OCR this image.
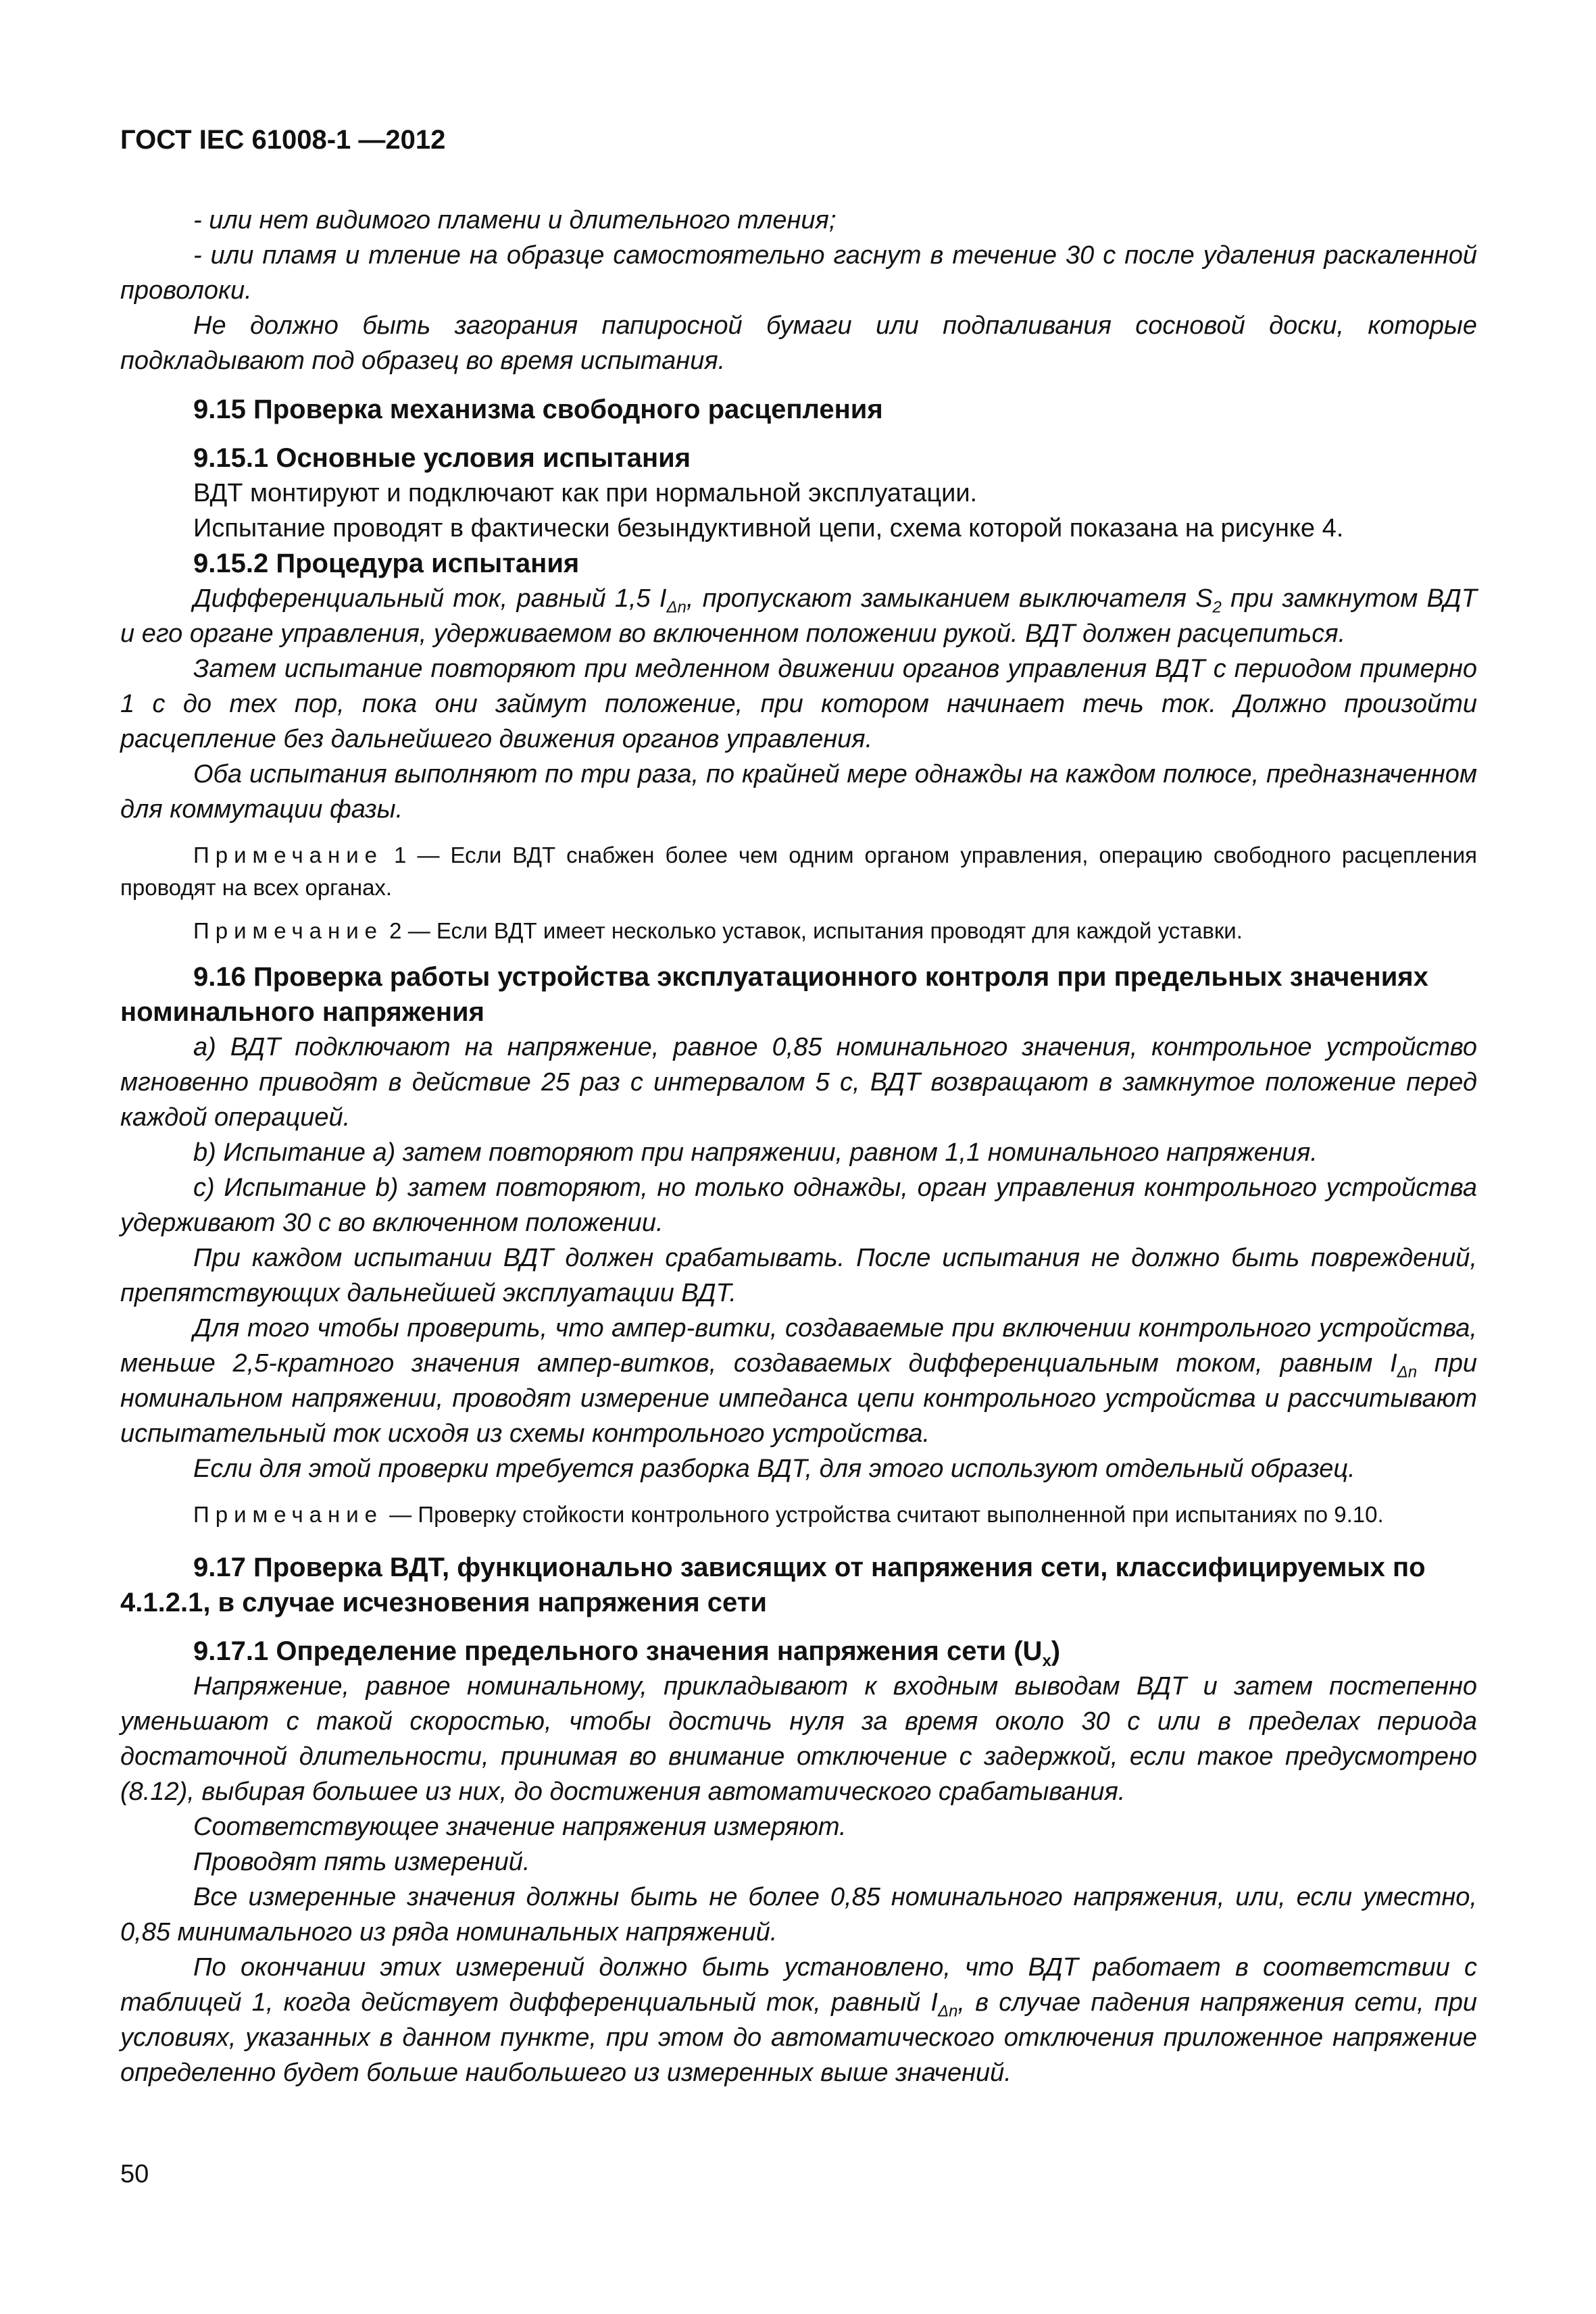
ГОСТ IEC 61008-1 —2012

- или нет видимого пламени и длительного тления;

- или пламя и тление на образце самостоятельно гаснут в течение 30 с после удаления раскаленной проволоки.

Не должно быть загорания папиросной бумаги или подпаливания сосновой доски, которые подкладывают под образец во время испытания.

9.15 Проверка механизма свободного расцепления

9.15.1 Основные условия испытания

ВДТ монтируют и подключают как при нормальной эксплуатации.

Испытание проводят в фактически безындуктивной цепи, схема которой показана на рисунке 4.

9.15.2 Процедура испытания

Дифференциальный ток, равный 1,5 $I_{\Delta n}$, пропускают замыканием выключателя $S_2$ при замкнутом ВДТ и его органе управления, удерживаемом во включенном положении рукой. ВДТ должен расцепиться.

Затем испытание повторяют при медленном движении органов управления ВДТ с периодом примерно 1 с до тех пор, пока они займут положение, при котором начинает течь ток. Должно произойти расцепление без дальнейшего движения органов управления.

Оба испытания выполняют по три раза, по крайней мере однажды на каждом полюсе, предназначенном для коммутации фазы.

Примечание 1 — Если ВДТ снабжен более чем одним органом управления, операцию свободного расцепления проводят на всех органах.

Примечание 2 — Если ВДТ имеет несколько уставок, испытания проводят для каждой уставки.

9.16 Проверка работы устройства эксплуатационного контроля при предельных значениях номинального напряжения

a) ВДТ подключают на напряжение, равное 0,85 номинального значения, контрольное устройство мгновенно приводят в действие 25 раз с интервалом 5 с, ВДТ возвращают в замкнутое положение перед каждой операцией.

b) Испытание a) затем повторяют при напряжении, равном 1,1 номинального напряжения.

c) Испытание b) затем повторяют, но только однажды, орган управления контрольного устройства удерживают 30 с во включенном положении.

При каждом испытании ВДТ должен срабатывать. После испытания не должно быть повреждений, препятствующих дальнейшей эксплуатации ВДТ.

Для того чтобы проверить, что ампер-витки, создаваемые при включении контрольного устройства, меньше 2,5-кратного значения ампер-витков, создаваемых дифференциальным током, равным $I_{\Delta n}$ при номинальном напряжении, проводят измерение импеданса цепи контрольного устройства и рассчитывают испытательный ток исходя из схемы контрольного устройства.

Если для этой проверки требуется разборка ВДТ, для этого используют отдельный образец.

Примечание — Проверку стойкости контрольного устройства считают выполненной при испытаниях по 9.10.

9.17 Проверка ВДТ, функционально зависящих от напряжения сети, классифицируемых по 4.1.2.1, в случае исчезновения напряжения сети

9.17.1 Определение предельного значения напряжения сети $(U_x)$

Напряжение, равное номинальному, прикладывают к входным выводам ВДТ и затем постепенно уменьшают с такой скоростью, чтобы достичь нуля за время около 30 с или в пределах периода достаточной длительности, принимая во внимание отключение с задержкой, если такое предусмотрено (8.12), выбирая большее из них, до достижения автоматического срабатывания.

Соответствующее значение напряжения измеряют.

Проводят пять измерений.

Все измеренные значения должны быть не более 0,85 номинального напряжения, или, если уместно, 0,85 минимального из ряда номинальных напряжений.

По окончании этих измерений должно быть установлено, что ВДТ работает в соответствии с таблицей 1, когда действует дифференциальный ток, равный $I_{\Delta n}$, в случае падения напряжения сети, при условиях, указанных в данном пункте, при этом до автоматического отключения приложенное напряжение определенно будет больше наибольшего из измеренных выше значений.

50
